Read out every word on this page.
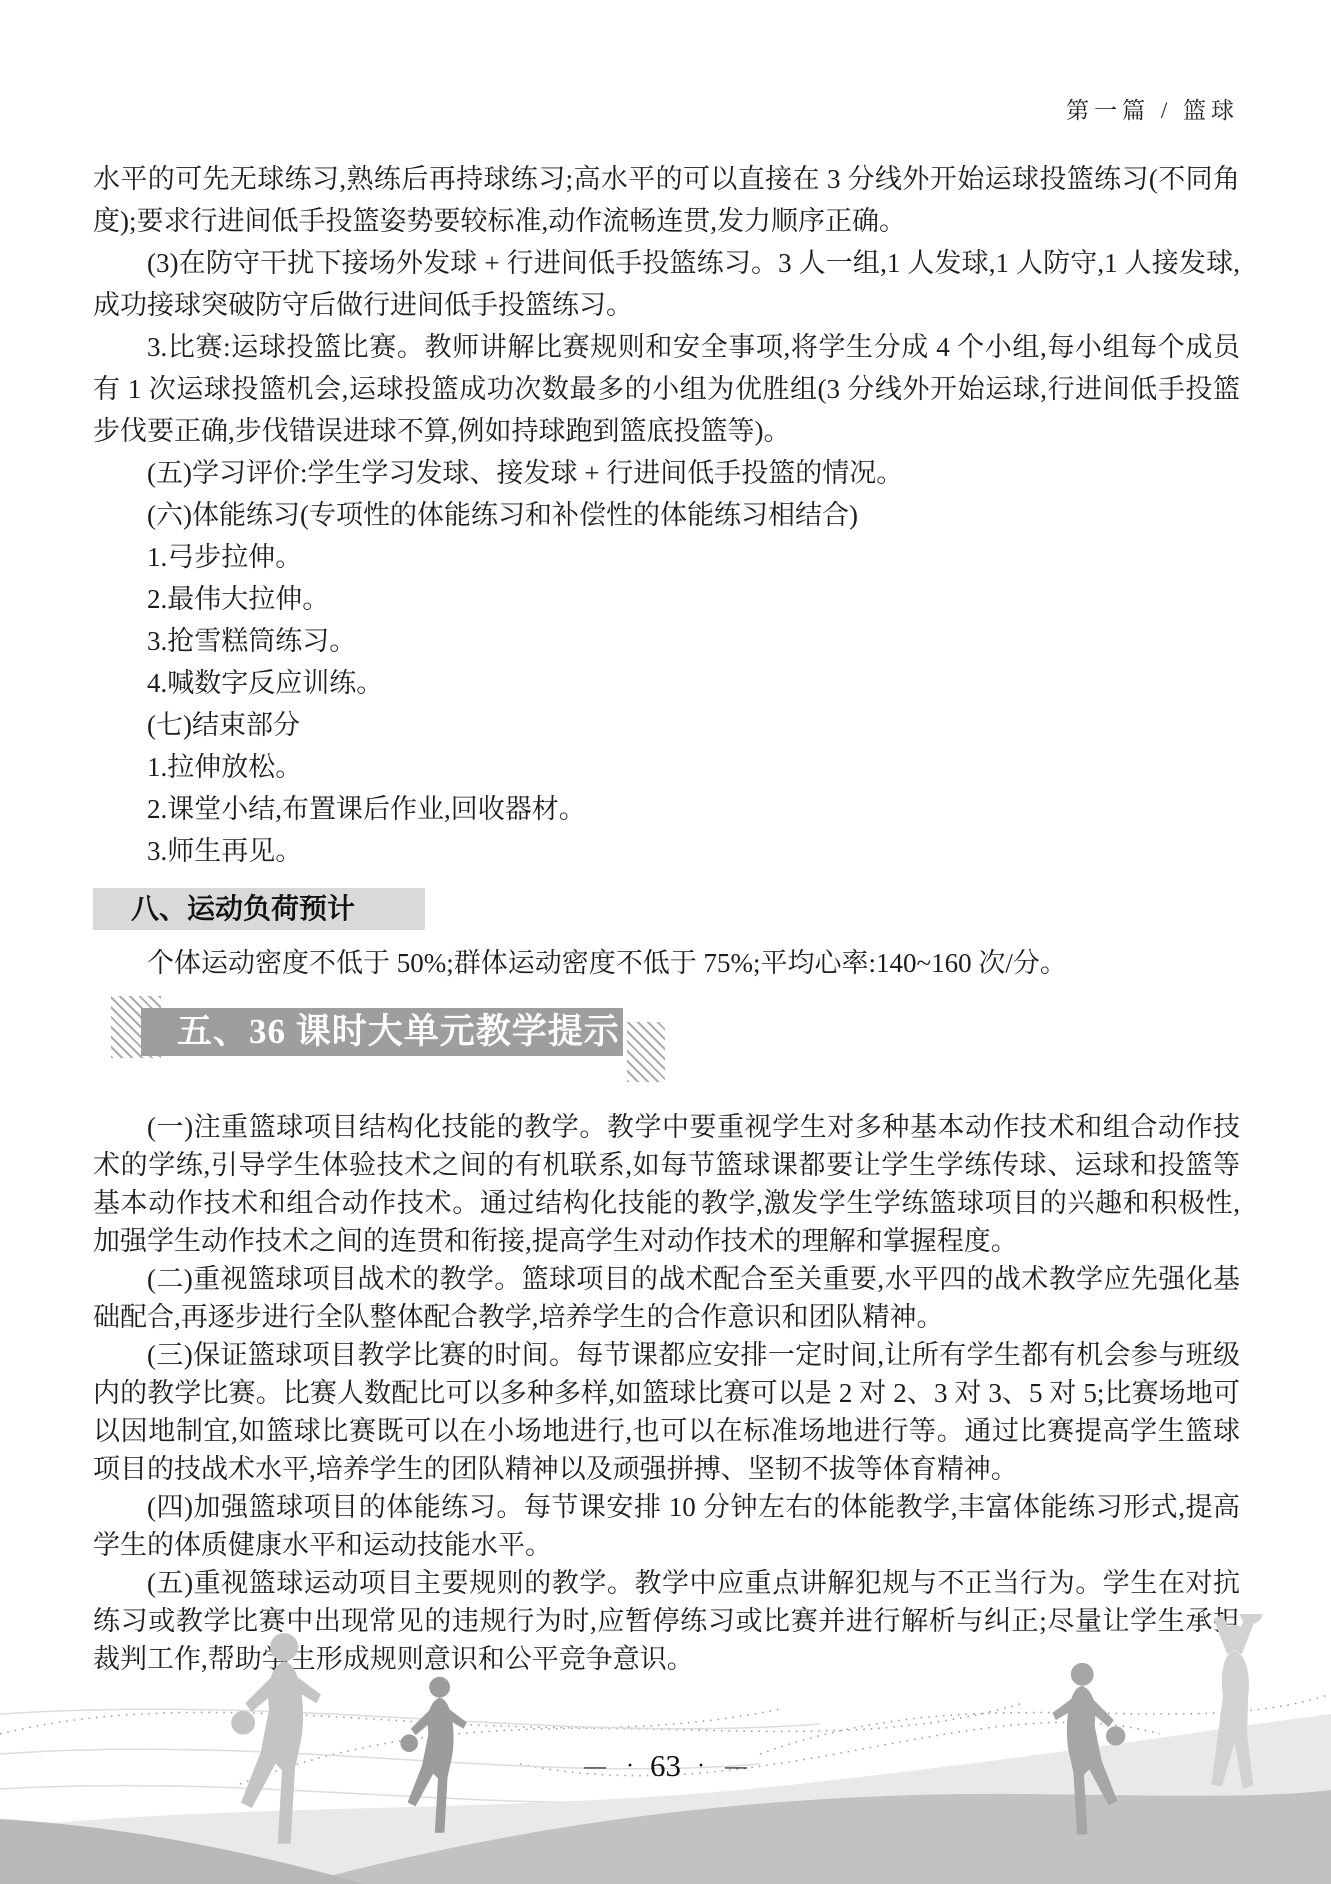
第一篇 / 篮球

水平的可先无球练习,熟练后再持球练习;高水平的可以直接在 3 分线外开始运球投篮练习(不同角度);要求行进间低手投篮姿势要较标准,动作流畅连贯,发力顺序正确。

(3)在防守干扰下接场外发球 + 行进间低手投篮练习。3 人一组,1 人发球,1 人防守,1 人接发球,成功接球突破防守后做行进间低手投篮练习。

3.比赛:运球投篮比赛。教师讲解比赛规则和安全事项,将学生分成 4 个小组,每小组每个成员有 1 次运球投篮机会,运球投篮成功次数最多的小组为优胜组(3 分线外开始运球,行进间低手投篮步伐要正确,步伐错误进球不算,例如持球跑到篮底投篮等)。

(五)学习评价:学生学习发球、接发球 + 行进间低手投篮的情况。

(六)体能练习(专项性的体能练习和补偿性的体能练习相结合)

1.弓步拉伸。

2.最伟大拉伸。

3.抢雪糕筒练习。

4.喊数字反应训练。

(七)结束部分

1.拉伸放松。

2.课堂小结,布置课后作业,回收器材。

3.师生再见。

八、运动负荷预计

个体运动密度不低于 50%;群体运动密度不低于 75%;平均心率:140~160 次/分。

五、36 课时大单元教学提示

(一)注重篮球项目结构化技能的教学。教学中要重视学生对多种基本动作技术和组合动作技术的学练,引导学生体验技术之间的有机联系,如每节篮球课都要让学生学练传球、运球和投篮等基本动作技术和组合动作技术。通过结构化技能的教学,激发学生学练篮球项目的兴趣和积极性,加强学生动作技术之间的连贯和衔接,提高学生对动作技术的理解和掌握程度。

(二)重视篮球项目战术的教学。篮球项目的战术配合至关重要,水平四的战术教学应先强化基础配合,再逐步进行全队整体配合教学,培养学生的合作意识和团队精神。

(三)保证篮球项目教学比赛的时间。每节课都应安排一定时间,让所有学生都有机会参与班级内的教学比赛。比赛人数配比可以多种多样,如篮球比赛可以是 2 对 2、3 对 3、5 对 5;比赛场地可以因地制宜,如篮球比赛既可以在小场地进行,也可以在标准场地进行等。通过比赛提高学生篮球项目的技战术水平,培养学生的团队精神以及顽强拼搏、坚韧不拔等体育精神。

(四)加强篮球项目的体能练习。每节课安排 10 分钟左右的体能教学,丰富体能练习形式,提高学生的体质健康水平和运动技能水平。

(五)重视篮球运动项目主要规则的教学。教学中应重点讲解犯规与不正当行为。学生在对抗练习或教学比赛中出现常见的违规行为时,应暂停练习或比赛并进行解析与纠正;尽量让学生承担裁判工作,帮助学生形成规则意识和公平竞争意识。

— · 63 · —
